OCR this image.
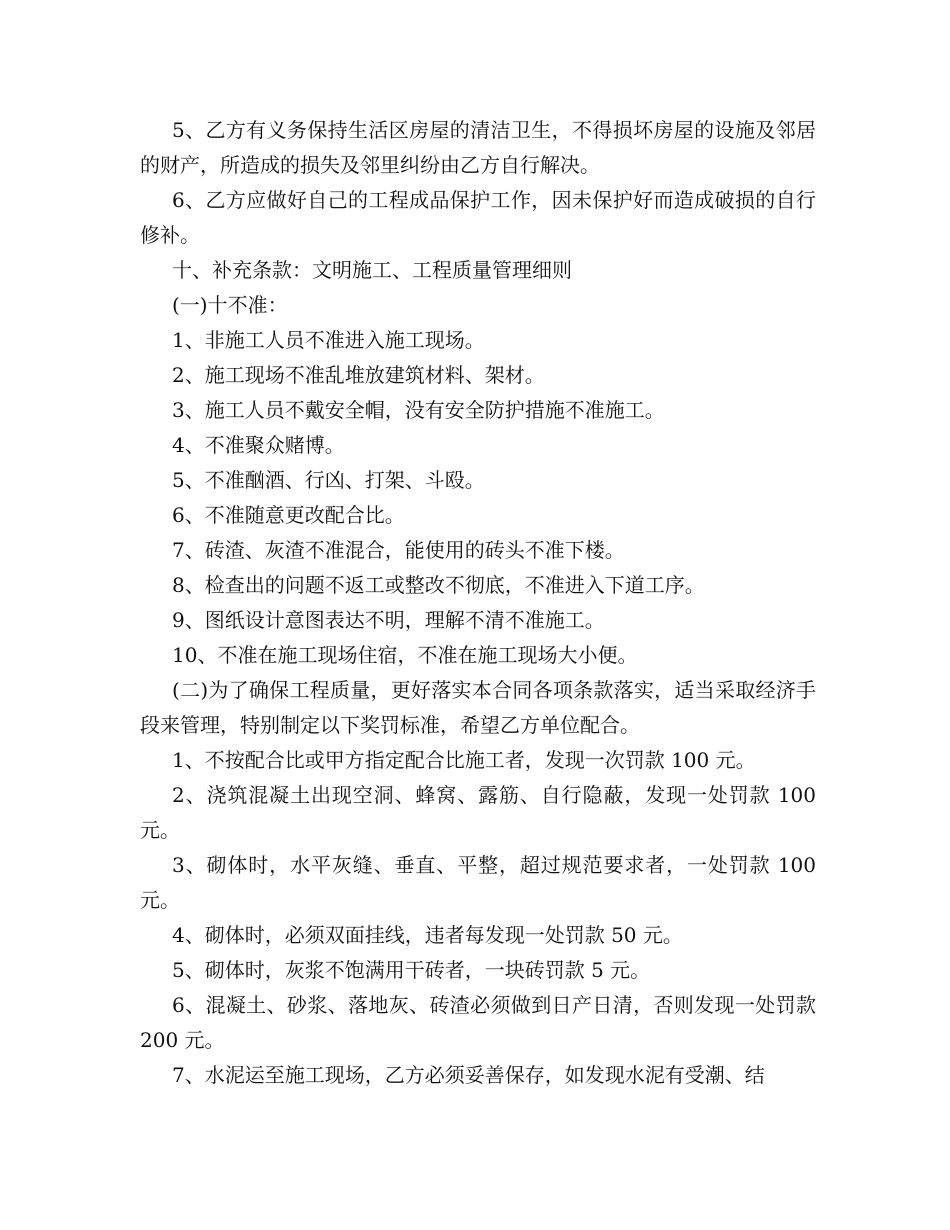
5、乙方有义务保持生活区房屋的清洁卫生，不得损坏房屋的设施及邻居的财产，所造成的损失及邻里纠纷由乙方自行解决。

6、乙方应做好自己的工程成品保护工作，因未保护好而造成破损的自行修补。

十、补充条款：文明施工、工程质量管理细则

(一)十不准：

1、非施工人员不准进入施工现场。

2、施工现场不准乱堆放建筑材料、架材。

3、施工人员不戴安全帽，没有安全防护措施不准施工。

4、不准聚众赌博。

5、不准酗酒、行凶、打架、斗殴。

6、不准随意更改配合比。

7、砖渣、灰渣不准混合，能使用的砖头不准下楼。

8、检查出的问题不返工或整改不彻底，不准进入下道工序。

9、图纸设计意图表达不明，理解不清不准施工。

10、不准在施工现场住宿，不准在施工现场大小便。

(二)为了确保工程质量，更好落实本合同各项条款落实，适当采取经济手段来管理，特别制定以下奖罚标准，希望乙方单位配合。

1、不按配合比或甲方指定配合比施工者，发现一次罚款 100 元。

2、浇筑混凝土出现空洞、蜂窝、露筋、自行隐蔽，发现一处罚款 100 元。

3、砌体时，水平灰缝、垂直、平整，超过规范要求者，一处罚款 100 元。

4、砌体时，必须双面挂线，违者每发现一处罚款 50 元。

5、砌体时，灰浆不饱满用干砖者，一块砖罚款 5 元。

6、混凝土、砂浆、落地灰、砖渣必须做到日产日清，否则发现一处罚款 200 元。

7、水泥运至施工现场，乙方必须妥善保存，如发现水泥有受潮、结
